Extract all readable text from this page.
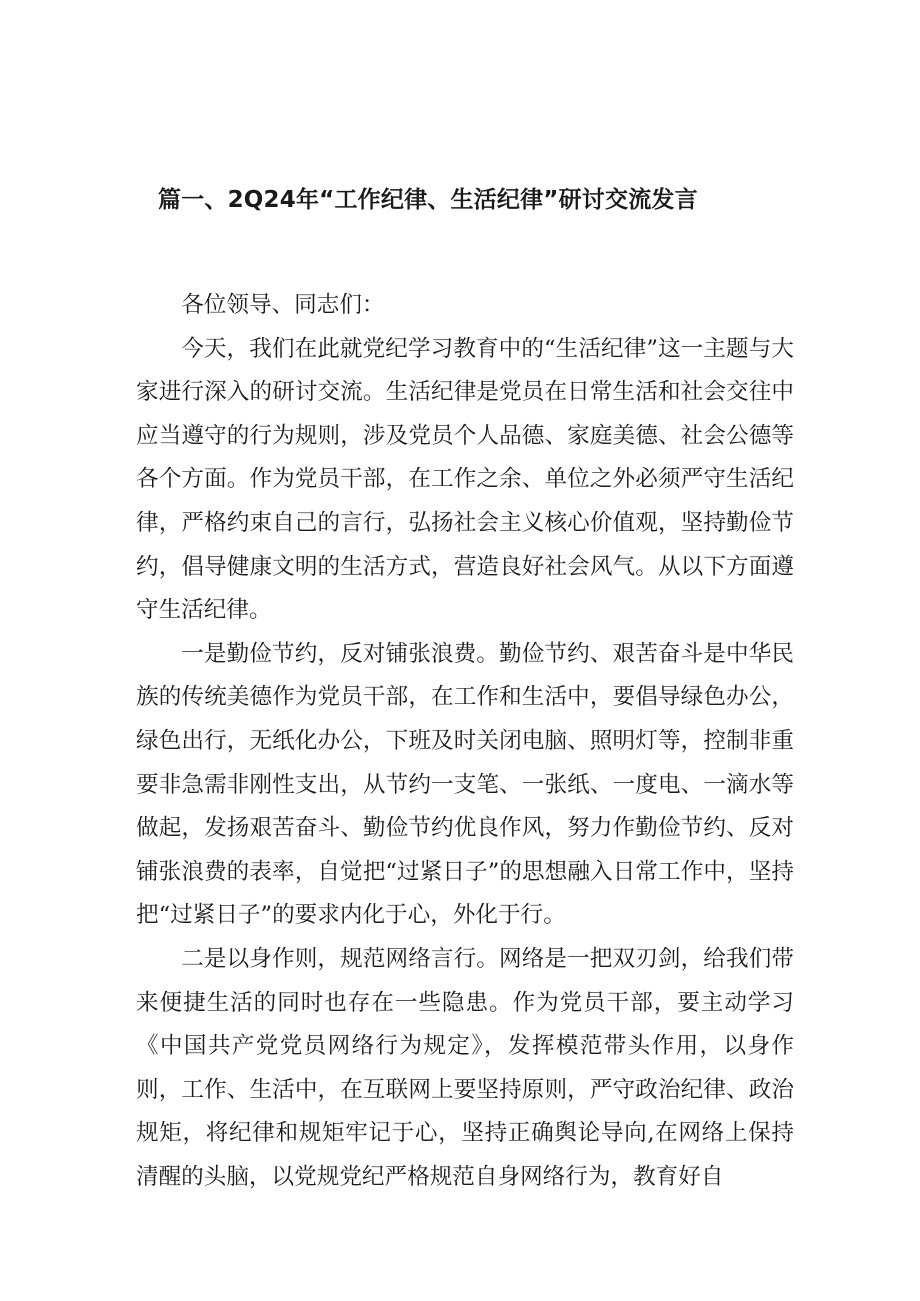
篇一、2Q24年“工作纪律、生活纪律”研讨交流发言

各位领导、同志们：

今天，我们在此就党纪学习教育中的“生活纪律”这一主题与大家进行深入的研讨交流。生活纪律是党员在日常生活和社会交往中应当遵守的行为规则，涉及党员个人品德、家庭美德、社会公德等各个方面。作为党员干部，在工作之余、单位之外必须严守生活纪律，严格约束自己的言行，弘扬社会主义核心价值观，坚持勤俭节约，倡导健康文明的生活方式，营造良好社会风气。从以下方面遵守生活纪律。

一是勤俭节约，反对铺张浪费。勤俭节约、艰苦奋斗是中华民族的传统美德作为党员干部，在工作和生活中，要倡导绿色办公，绿色出行，无纸化办公，下班及时关闭电脑、照明灯等，控制非重要非急需非刚性支出，从节约一支笔、一张纸、一度电、一滴水等做起，发扬艰苦奋斗、勤俭节约优良作风，努力作勤俭节约、反对铺张浪费的表率，自觉把“过紧日子”的思想融入日常工作中，坚持把“过紧日子”的要求内化于心，外化于行。

二是以身作则，规范网络言行。网络是一把双刃剑，给我们带来便捷生活的同时也存在一些隐患。作为党员干部，要主动学习《中国共产党党员网络行为规定》，发挥模范带头作用，以身作则，工作、生活中，在互联网上要坚持原则，严守政治纪律、政治规矩，将纪律和规矩牢记于心，坚持正确舆论导向,在网络上保持清醒的头脑，以党规党纪严格规范自身网络行为，教育好自
